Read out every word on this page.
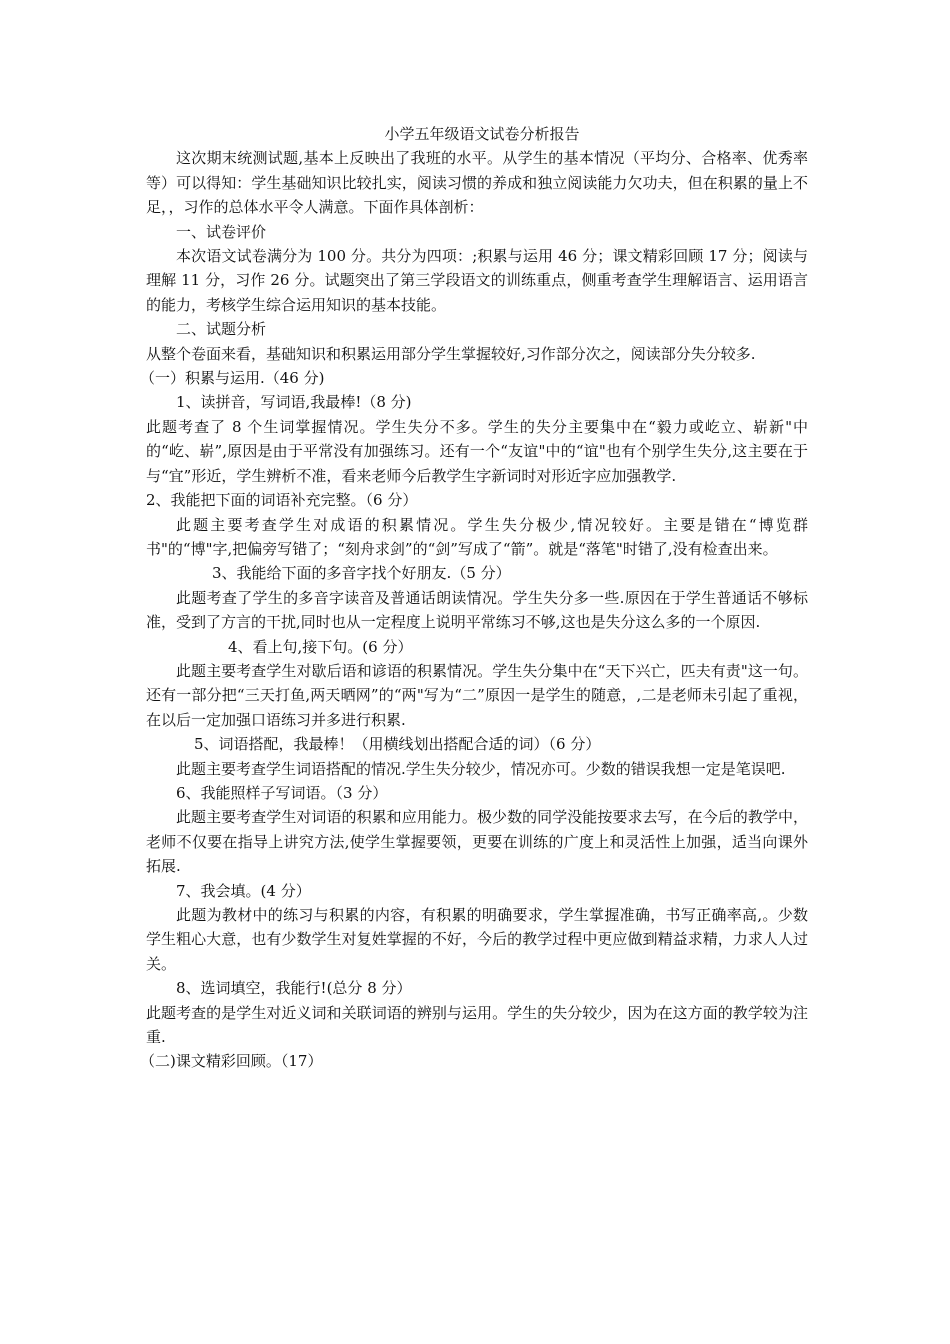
小学五年级语文试卷分析报告

这次期末统测试题,基本上反映出了我班的水平。从学生的基本情况（平均分、合格率、优秀率等）可以得知：学生基础知识比较扎实，阅读习惯的养成和独立阅读能力欠功夫，但在积累的量上不足，，习作的总体水平令人满意。下面作具体剖析：

一、试卷评价

本次语文试卷满分为 100 分。共分为四项：;积累与运用 46 分；课文精彩回顾 17 分；阅读与理解 11 分，习作 26 分。试题突出了第三学段语文的训练重点，侧重考查学生理解语言、运用语言的能力，考核学生综合运用知识的基本技能。

二、试题分析

从整个卷面来看，基础知识和积累运用部分学生掌握较好,习作部分次之，阅读部分失分较多.

（一）积累与运用.（46 分)

1、读拼音，写词语,我最棒!（8 分)

此题考查了 8 个生词掌握情况。学生失分不多。学生的失分主要集中在“毅力或屹立、崭新"中的“屹、崭”,原因是由于平常没有加强练习。还有一个“友谊"中的“谊"也有个别学生失分,这主要在于与“宜”形近，学生辨析不准，看来老师今后教学生字新词时对形近字应加强教学.

2、我能把下面的词语补充完整。（6 分）

此题主要考查学生对成语的积累情况。学生失分极少,情况较好。主要是错在“博览群书"的“博"字,把偏旁写错了；“刻舟求剑”的“剑”写成了“箭”。就是“落笔"时错了,没有检查出来。

3、我能给下面的多音字找个好朋友.（5 分）

此题考查了学生的多音字读音及普通话朗读情况。学生失分多一些.原因在于学生普通话不够标准，受到了方言的干扰,同时也从一定程度上说明平常练习不够,这也是失分这么多的一个原因.

4、看上句,接下句。(6 分）

此题主要考查学生对歇后语和谚语的积累情况。学生失分集中在“天下兴亡，匹夫有责"这一句。还有一部分把“三天打鱼,两天晒网”的“两"写为“二”原因一是学生的随意，,二是老师未引起了重视，在以后一定加强口语练习并多进行积累.

5、词语搭配，我最棒！（用横线划出搭配合适的词）（6 分）

此题主要考查学生词语搭配的情况.学生失分较少，情况亦可。少数的错误我想一定是笔误吧.

6、我能照样子写词语。（3 分）

此题主要考查学生对词语的积累和应用能力。极少数的同学没能按要求去写，在今后的教学中，老师不仅要在指导上讲究方法,使学生掌握要领，更要在训练的广度上和灵活性上加强，适当向课外拓展.

7、我会填。(4 分）

此题为教材中的练习与积累的内容，有积累的明确要求，学生掌握准确，书写正确率高,。少数学生粗心大意，也有少数学生对复姓掌握的不好，今后的教学过程中更应做到精益求精，力求人人过关。

8、选词填空，我能行!(总分 8 分）

此题考查的是学生对近义词和关联词语的辨别与运用。学生的失分较少，因为在这方面的教学较为注重.

（二)课文精彩回顾。（17）
